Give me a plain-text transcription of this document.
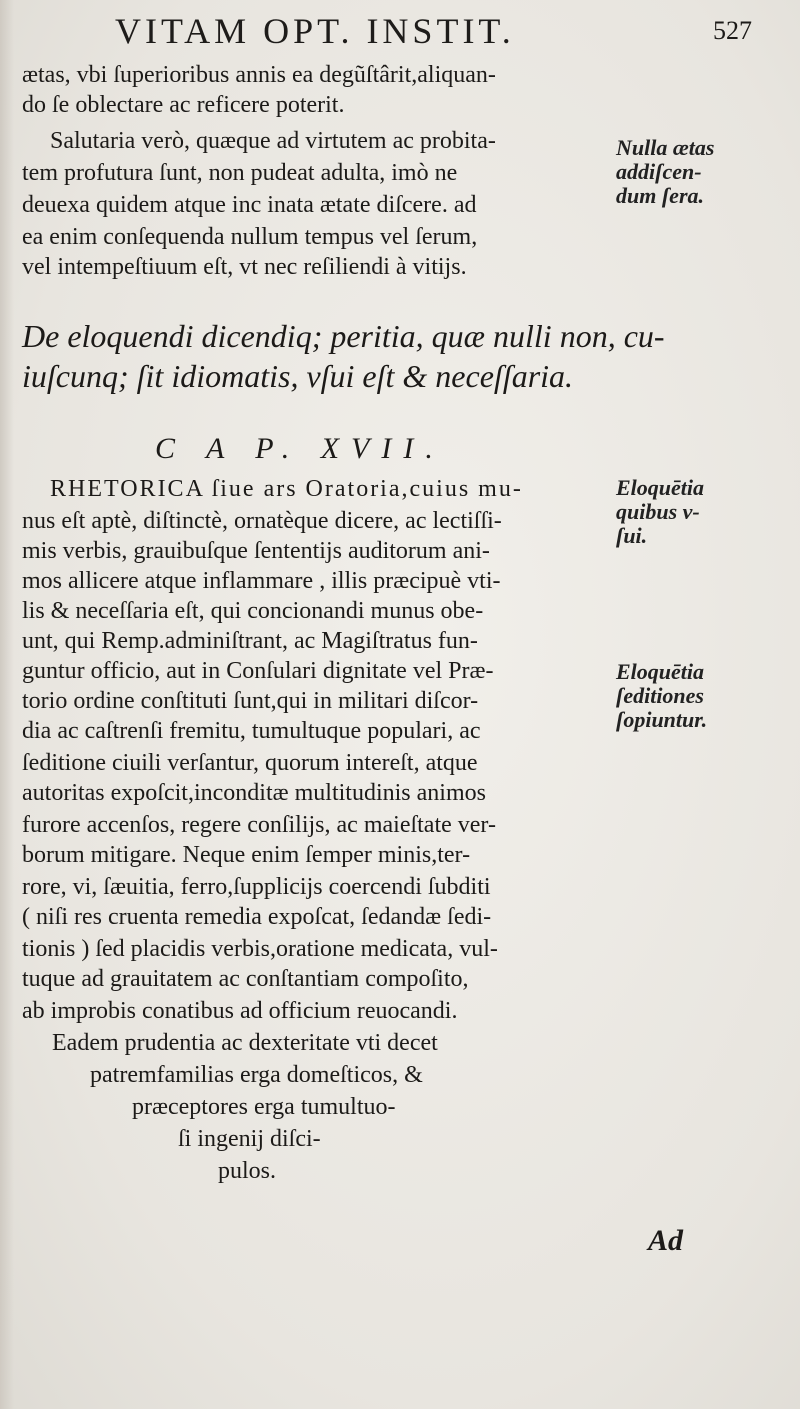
VITAM OPT. INSTIT.	527
ætas, vbi ſuperioribus annis ea degũſtârit,aliquan-
do ſe oblectare ac reficere poterit.
Salutaria verò, quæque ad virtutem ac probita-
tem profutura ſunt, non pudeat adulta, imò ne
deuexa quidem atque inc inata ætate diſcere. ad
ea enim conſequenda nullum tempus vel ſerum,
vel intempeſtiuum eſt, vt nec reſiliendi à vitijs.
Nulla ætas
addiſcen-
dum ſera.
De eloquendi dicendiq; peritia, quæ nulli non, cu-
iuſcunq; ſit idiomatis, vſui eſt & neceſſaria.
C A P. XVII.
RHETORICA ſiue ars Oratoria,cuius mu-
nus eſt aptè, diſtinctè, ornatèque dicere, ac lectiſſi-
mis verbis, grauibuſque ſententijs auditorum ani-
mos allicere atque inflammare , illis præcipuè vti-
lis & neceſſaria eſt, qui concionandi munus obe-
unt, qui Remp.adminiſtrant, ac Magiſtratus fun-
guntur officio, aut in Conſulari dignitate vel Præ-
torio ordine conſtituti ſunt,qui in militari diſcor-
dia ac caſtrenſi fremitu, tumultuque populari, ac
ſeditione ciuili verſantur, quorum intereſt, atque
autoritas expoſcit,inconditæ multitudinis animos
furore accenſos, regere conſilijs, ac maieſtate ver-
borum mitigare. Neque enim ſemper minis,ter-
rore, vi, ſæuitia, ferro,ſupplicijs coercendi ſubditi
( niſi res cruenta remedia expoſcat, ſedandæ ſedi-
tionis ) ſed placidis verbis,oratione medicata, vul-
tuque ad grauitatem ac conſtantiam compoſito,
ab improbis conatibus ad officium reuocandi.
Eloquētia
quibus v-
ſui.
Eloquētia
ſeditiones
ſopiuntur.
Eadem prudentia ac dexteritate vti decet
patremfamilias erga domeſticos, &
præceptores erga tumultuo-
ſi ingenij diſci-
pulos.
Ad
